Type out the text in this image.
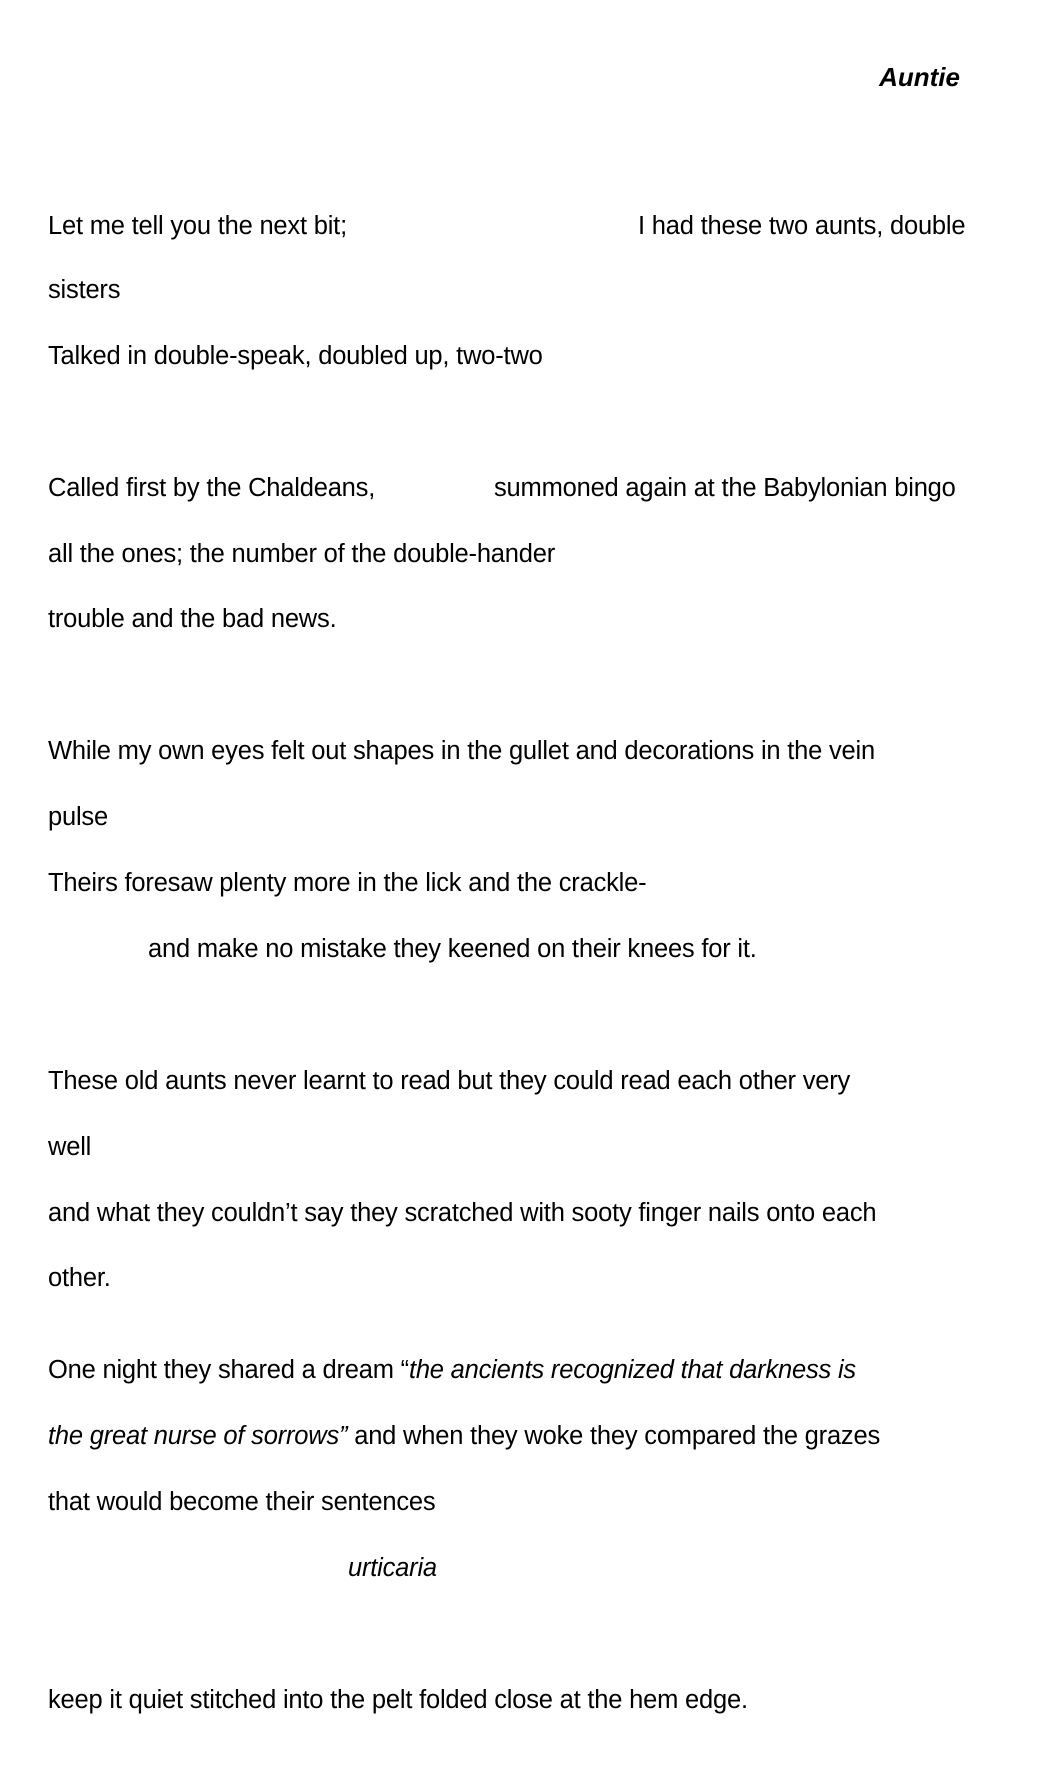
Auntie
Let me tell you the next bit;	I had these two aunts, double
sisters
Talked in double-speak, doubled up, two-two
Called first by the Chaldeans,	summoned again at the Babylonian bingo
all the ones; the number of the double-hander
trouble and the bad news.
While my own eyes felt out shapes in the gullet and decorations in the vein
pulse
Theirs foresaw plenty more in the lick and the crackle-
and make no mistake they keened on their knees for it.
These old aunts never learnt to read but they could read each other very
well
and what they couldn’t say they scratched with sooty finger nails onto each
other.
One night they shared a dream “the ancients recognized that darkness is
the great nurse of sorrows” and when they woke they compared the grazes
that would become their sentences
urticaria
keep it quiet stitched into the pelt folded close at the hem edge.
